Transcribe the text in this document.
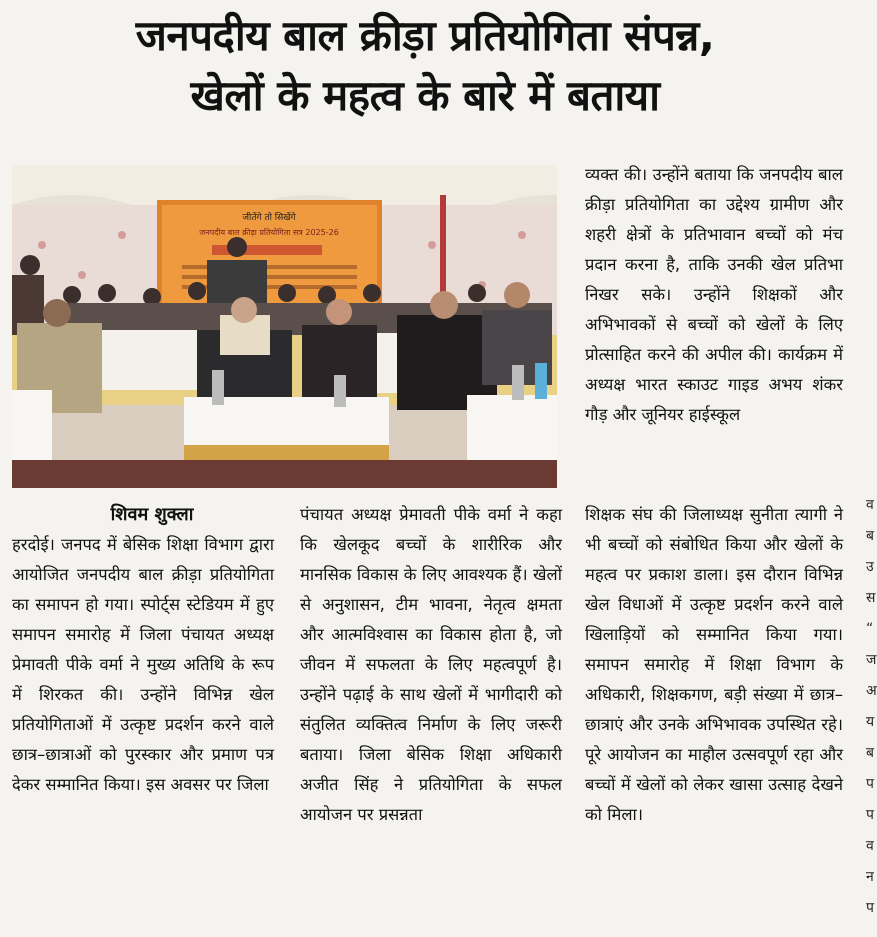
जनपदीय बाल क्रीड़ा प्रतियोगिता संपन्न,
खेलों के महत्व के बारे में बताया
जीतेंगे तो सिखेंगे
जनपदीय बाल क्रीड़ा प्रतियोगिता सत्र 2025-26

व्यक्त की। उन्होंने बताया कि जनपदीय बाल क्रीड़ा प्रतियोगिता का उद्देश्य ग्रामीण और शहरी क्षेत्रों के प्रतिभावान बच्चों को मंच प्रदान करना है, ताकि उनकी खेल प्रतिभा निखर सके। उन्होंने शिक्षकों और अभिभावकों से बच्चों को खेलों के लिए प्रोत्साहित करने की अपील की। कार्यक्रम में अध्यक्ष भारत स्काउट गाइड अभय शंकर गौड़ और जूनियर हाईस्कूल

शिवम शुक्ला

हरदोई। जनपद में बेसिक शिक्षा विभाग द्वारा आयोजित जनपदीय बाल क्रीड़ा प्रतियोगिता का समापन हो गया। स्पोर्ट्स स्टेडियम में हुए समापन समारोह में जिला पंचायत अध्यक्ष प्रेमावती पीके वर्मा ने मुख्य अतिथि के रूप में शिरकत की। उन्होंने विभिन्न खेल प्रतियोगिताओं में उत्कृष्ट प्रदर्शन करने वाले छात्र–छात्राओं को पुरस्कार और प्रमाण पत्र देकर सम्मानित किया। इस अवसर पर जिला

पंचायत अध्यक्ष प्रेमावती पीके वर्मा ने कहा कि खेलकूद बच्चों के शारीरिक और मानसिक विकास के लिए आवश्यक हैं। खेलों से अनुशासन, टीम भावना, नेतृत्व क्षमता और आत्मविश्वास का विकास होता है, जो जीवन में सफलता के लिए महत्वपूर्ण है। उन्होंने पढ़ाई के साथ खेलों में भागीदारी को संतुलित व्यक्तित्व निर्माण के लिए जरूरी बताया। जिला बेसिक शिक्षा अधिकारी अजीत सिंह ने प्रतियोगिता के सफल आयोजन पर प्रसन्नता

शिक्षक संघ की जिलाध्यक्ष सुनीता त्यागी ने भी बच्चों को संबोधित किया और खेलों के महत्व पर प्रकाश डाला। इस दौरान विभिन्न खेल विधाओं में उत्कृष्ट प्रदर्शन करने वाले खिलाड़ियों को सम्मानित किया गया। समापन समारोह में शिक्षा विभाग के अधिकारी, शिक्षकगण, बड़ी संख्या में छात्र–छात्राएं और उनके अभिभावक उपस्थित रहे। पूरे आयोजन का माहौल उत्सवपूर्ण रहा और बच्चों में खेलों को लेकर खासा उत्साह देखने को मिला।

व
ब
उ
स
“
ज
अ
य
ब
प
प
व
न
प
